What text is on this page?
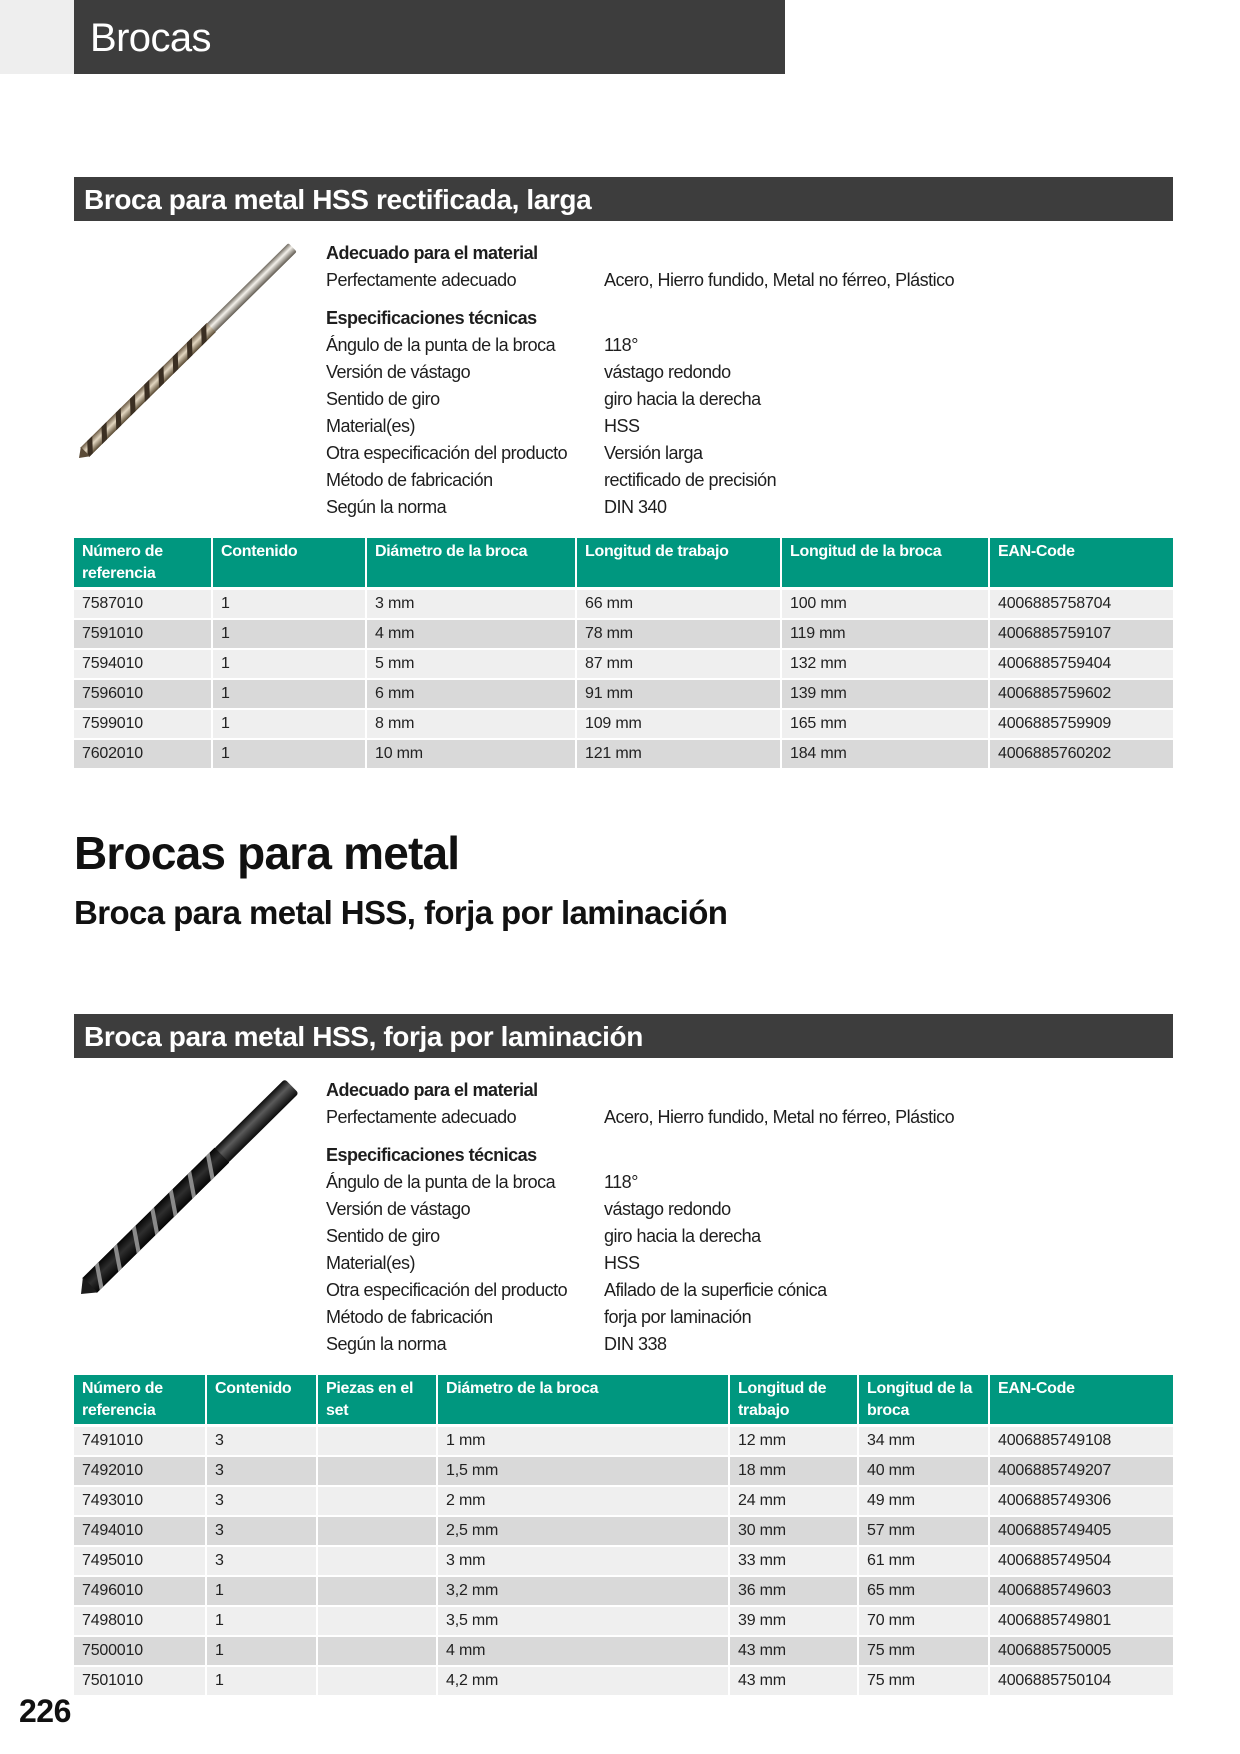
Brocas
Broca para metal HSS rectificada, larga
Adecuado para el material
Perfectamente adecuado	Acero, Hierro fundido, Metal no férreo, Plástico
Especificaciones técnicas
Ángulo de la punta de la broca	118°
Versión de vástago	vástago redondo
Sentido de giro	giro hacia la derecha
Material(es)	HSS
Otra especificación del producto	Versión larga
Método de fabricación	rectificado de precisión
Según la norma	DIN 340
Número de referencia	Contenido	Diámetro de la broca	Longitud de trabajo	Longitud de la broca	EAN-Code
7587010	1	3 mm	66 mm	100 mm	4006885758704
7591010	1	4 mm	78 mm	119 mm	4006885759107
7594010	1	5 mm	87 mm	132 mm	4006885759404
7596010	1	6 mm	91 mm	139 mm	4006885759602
7599010	1	8 mm	109 mm	165 mm	4006885759909
7602010	1	10 mm	121 mm	184 mm	4006885760202
Brocas para metal
Broca para metal HSS, forja por laminación
Broca para metal HSS, forja por laminación
Adecuado para el material
Perfectamente adecuado	Acero, Hierro fundido, Metal no férreo, Plástico
Especificaciones técnicas
Ángulo de la punta de la broca	118°
Versión de vástago	vástago redondo
Sentido de giro	giro hacia la derecha
Material(es)	HSS
Otra especificación del producto	Afilado de la superficie cónica
Método de fabricación	forja por laminación
Según la norma	DIN 338
Número de referencia	Contenido	Piezas en el set	Diámetro de la broca	Longitud de trabajo	Longitud de la broca	EAN-Code
7491010	3		1 mm	12 mm	34 mm	4006885749108
7492010	3		1,5 mm	18 mm	40 mm	4006885749207
7493010	3		2 mm	24 mm	49 mm	4006885749306
7494010	3		2,5 mm	30 mm	57 mm	4006885749405
7495010	3		3 mm	33 mm	61 mm	4006885749504
7496010	1		3,2 mm	36 mm	65 mm	4006885749603
7498010	1		3,5 mm	39 mm	70 mm	4006885749801
7500010	1		4 mm	43 mm	75 mm	4006885750005
7501010	1		4,2 mm	43 mm	75 mm	4006885750104
226
